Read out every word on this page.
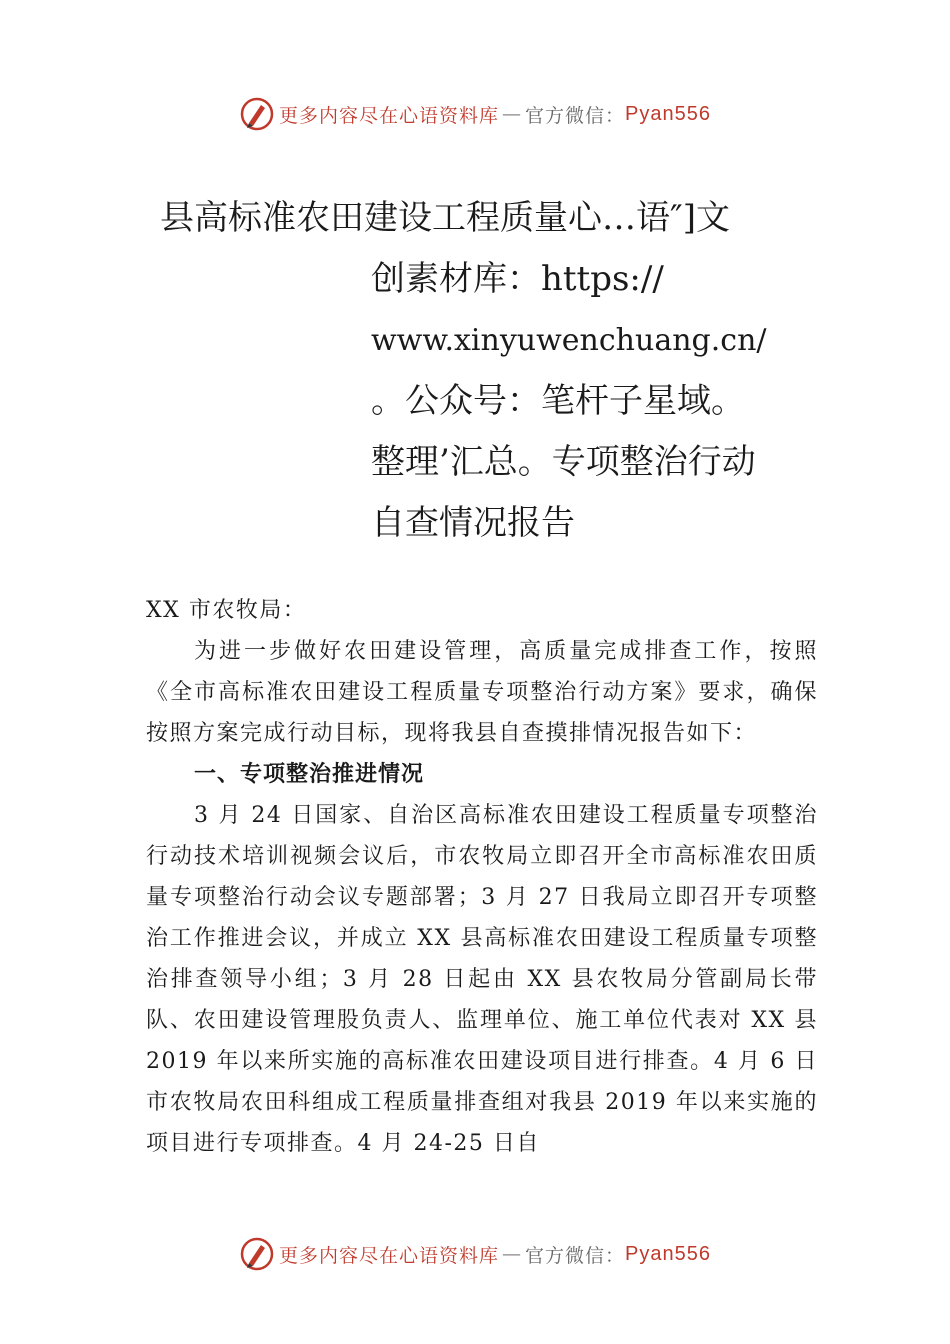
更多内容尽在心语资料库 — 官方微信： Pyan556
县高标准农田建设工程质量心…语″]文
创素材库：https://
www.xinyuwenchuang.cn/
。公众号：笔杆子星域。
整理’汇总。专项整治行动
自查情况报告

XX 市农牧局：

为进一步做好农田建设管理，高质量完成排查工作，按照《全市高标准农田建设工程质量专项整治行动方案》要求，确保按照方案完成行动目标，现将我县自查摸排情况报告如下：

一、专项整治推进情况

3 月 24 日国家、自治区高标准农田建设工程质量专项整治行动技术培训视频会议后，市农牧局立即召开全市高标准农田质量专项整治行动会议专题部署；3 月 27 日我局立即召开专项整治工作推进会议，并成立 XX 县高标准农田建设工程质量专项整治排查领导小组；3 月 28 日起由 XX 县农牧局分管副局长带队、农田建设管理股负责人、监理单位、施工单位代表对 XX 县 2019 年以来所实施的高标准农田建设项目进行排查。4 月 6 日市农牧局农田科组成工程质量排查组对我县 2019 年以来实施的项目进行专项排查。4 月 24-25 日自

更多内容尽在心语资料库 — 官方微信： Pyan556
